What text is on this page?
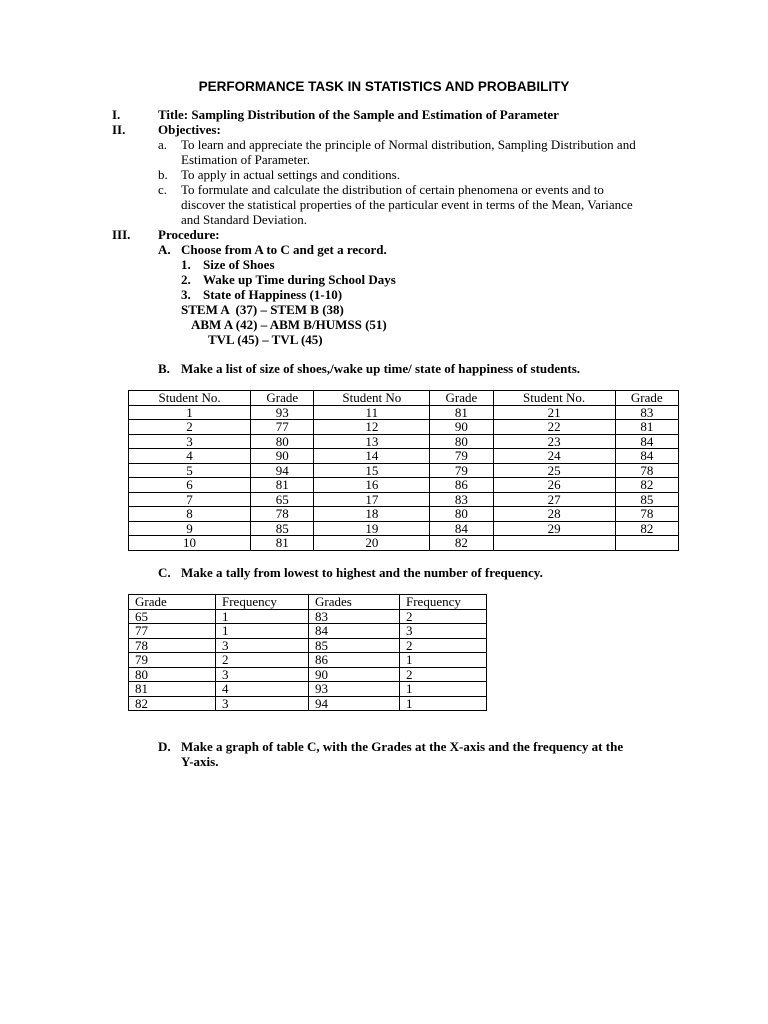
PERFORMANCE TASK IN STATISTICS AND PROBABILITY
I.	Title: Sampling Distribution of the Sample and Estimation of Parameter
II.	Objectives:
a. To learn and appreciate the principle of Normal distribution, Sampling Distribution and
Estimation of Parameter.
b. To apply in actual settings and conditions.
c. To formulate and calculate the distribution of certain phenomena or events and to
discover the statistical properties of the particular event in terms of the Mean, Variance
and Standard Deviation.
III. Procedure:
A. Choose from A to C and get a record.
1. Size of Shoes
2. Wake up Time during School Days
3. State of Happiness (1-10)
STEM A  (37) – STEM B (38)
ABM A (42) – ABM B/HUMSS (51)
TVL (45) – TVL (45)
B. Make a list of size of shoes,/wake up time/ state of happiness of students.
Student No.	Grade	Student No	Grade	Student No.	Grade
1	93	11	81	21	83
2	77	12	90	22	81
3	80	13	80	23	84
4	90	14	79	24	84
5	94	15	79	25	78
6	81	16	86	26	82
7	65	17	83	27	85
8	78	18	80	28	78
9	85	19	84	29	82
10	81	20	82		
C. Make a tally from lowest to highest and the number of frequency.
Grade	Frequency	Grades	Frequency
65	1	83	2
77	1	84	3
78	3	85	2
79	2	86	1
80	3	90	2
81	4	93	1
82	3	94	1
D. Make a graph of table C, with the Grades at the X-axis and the frequency at the
Y-axis.
